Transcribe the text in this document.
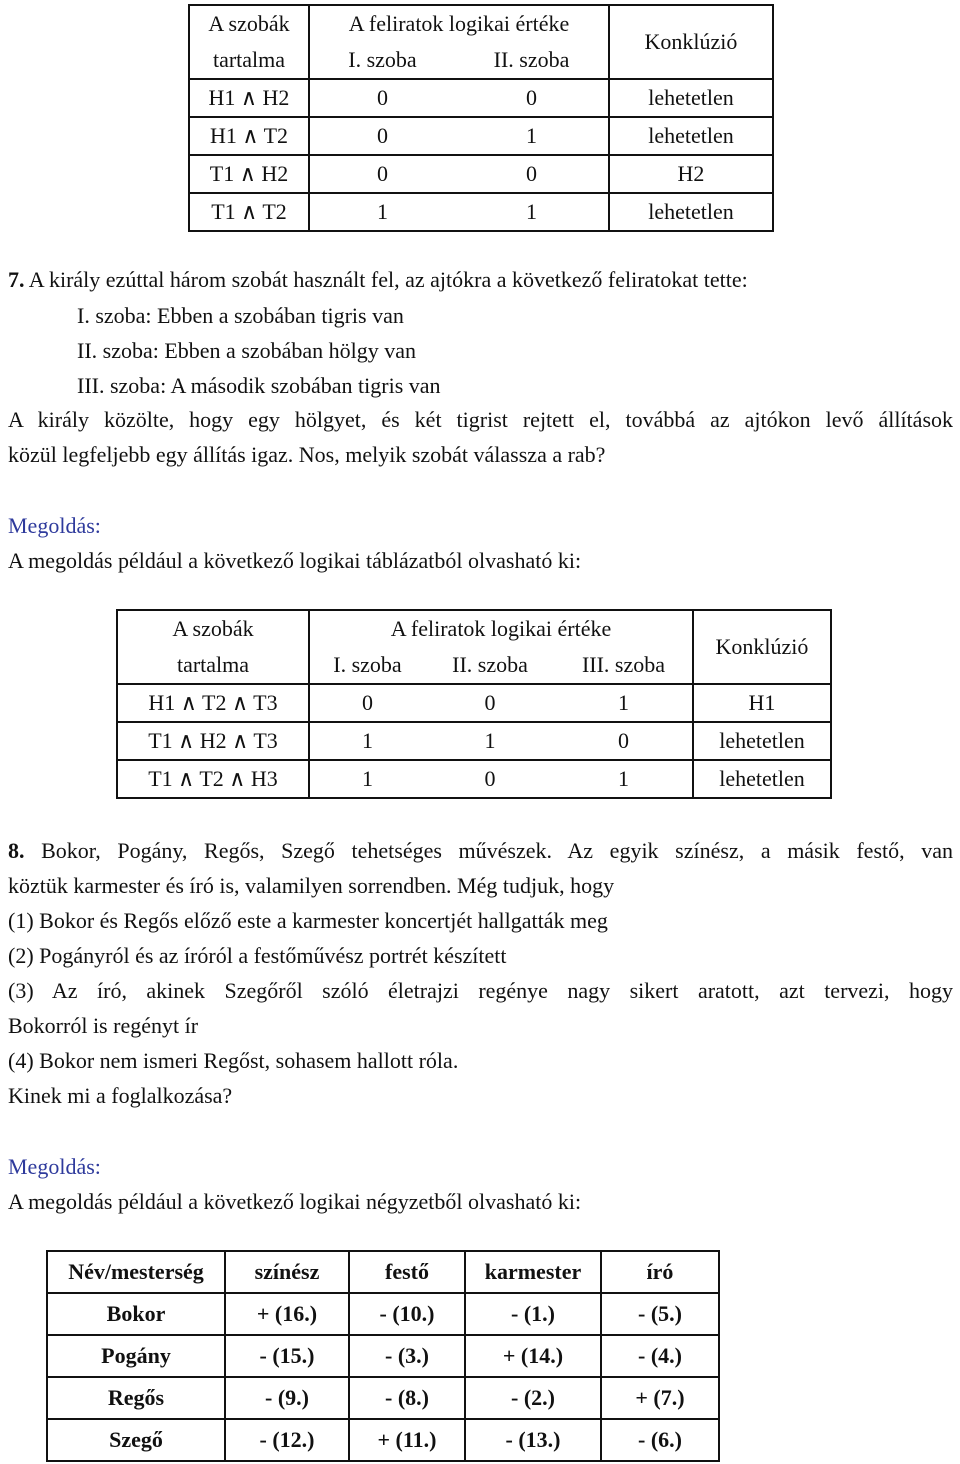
A szobák	A feliratok logikai értéke		Konklúzió
tartalma	I. szoba	II. szoba	
H1 ∧ H2	0	0	lehetetlen
H1 ∧ T2	0	1	lehetetlen
T1 ∧ H2	0	0	H2
T1 ∧ T2	1	1	lehetetlen
7. A király ezúttal három szobát használt fel, az ajtókra a következő feliratokat tette:
I. szoba: Ebben a szobában tigris van
II. szoba: Ebben a szobában hölgy van
III. szoba: A második szobában tigris van
A király közölte, hogy egy hölgyet, és két tigrist rejtett el, továbbá az ajtókon levő állítások
közül legfeljebb egy állítás igaz. Nos, melyik szobát válassza a rab?
Megoldás:
A megoldás például a következő logikai táblázatból olvasható ki:
A szobák	A feliratok logikai értéke			Konklúzió
tartalma	I. szoba	II. szoba	III. szoba	
H1 ∧ T2 ∧ T3	0	0	1	H1
T1 ∧ H2 ∧ T3	1	1	0	lehetetlen
T1 ∧ T2 ∧ H3	1	0	1	lehetetlen
8. Bokor, Pogány, Regős, Szegő tehetséges művészek. Az egyik színész, a másik festő, van
köztük karmester és író is, valamilyen sorrendben. Még tudjuk, hogy
(1) Bokor és Regős előző este a karmester koncertjét hallgatták meg
(2) Pogányról és az íróról a festőművész portrét készített
(3) Az író, akinek Szegőről szóló életrajzi regénye nagy sikert aratott, azt tervezi, hogy
Bokorról is regényt ír
(4) Bokor nem ismeri Regőst, sohasem hallott róla.
Kinek mi a foglalkozása?
Megoldás:
A megoldás például a következő logikai négyzetből olvasható ki:
Név/mesterség	színész	festő	karmester	író
Bokor	+ (16.)	- (10.)	- (1.)	- (5.)
Pogány	- (15.)	- (3.)	+ (14.)	- (4.)
Regős	- (9.)	- (8.)	- (2.)	+ (7.)
Szegő	- (12.)	+ (11.)	- (13.)	- (6.)
